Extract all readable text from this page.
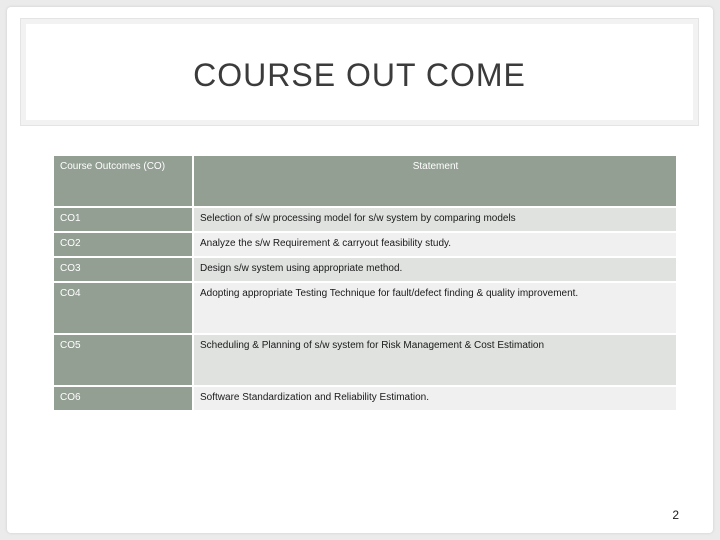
COURSE OUT COME
Course Outcomes (CO)	Statement
CO1	Selection of s/w processing model for s/w system by comparing models
CO2	Analyze the s/w Requirement & carryout feasibility study.
CO3	Design s/w system using appropriate method.
CO4	Adopting appropriate Testing Technique for fault/defect finding & quality improvement.
CO5	Scheduling & Planning of s/w system for Risk Management & Cost Estimation
CO6	Software Standardization and Reliability Estimation.
2
